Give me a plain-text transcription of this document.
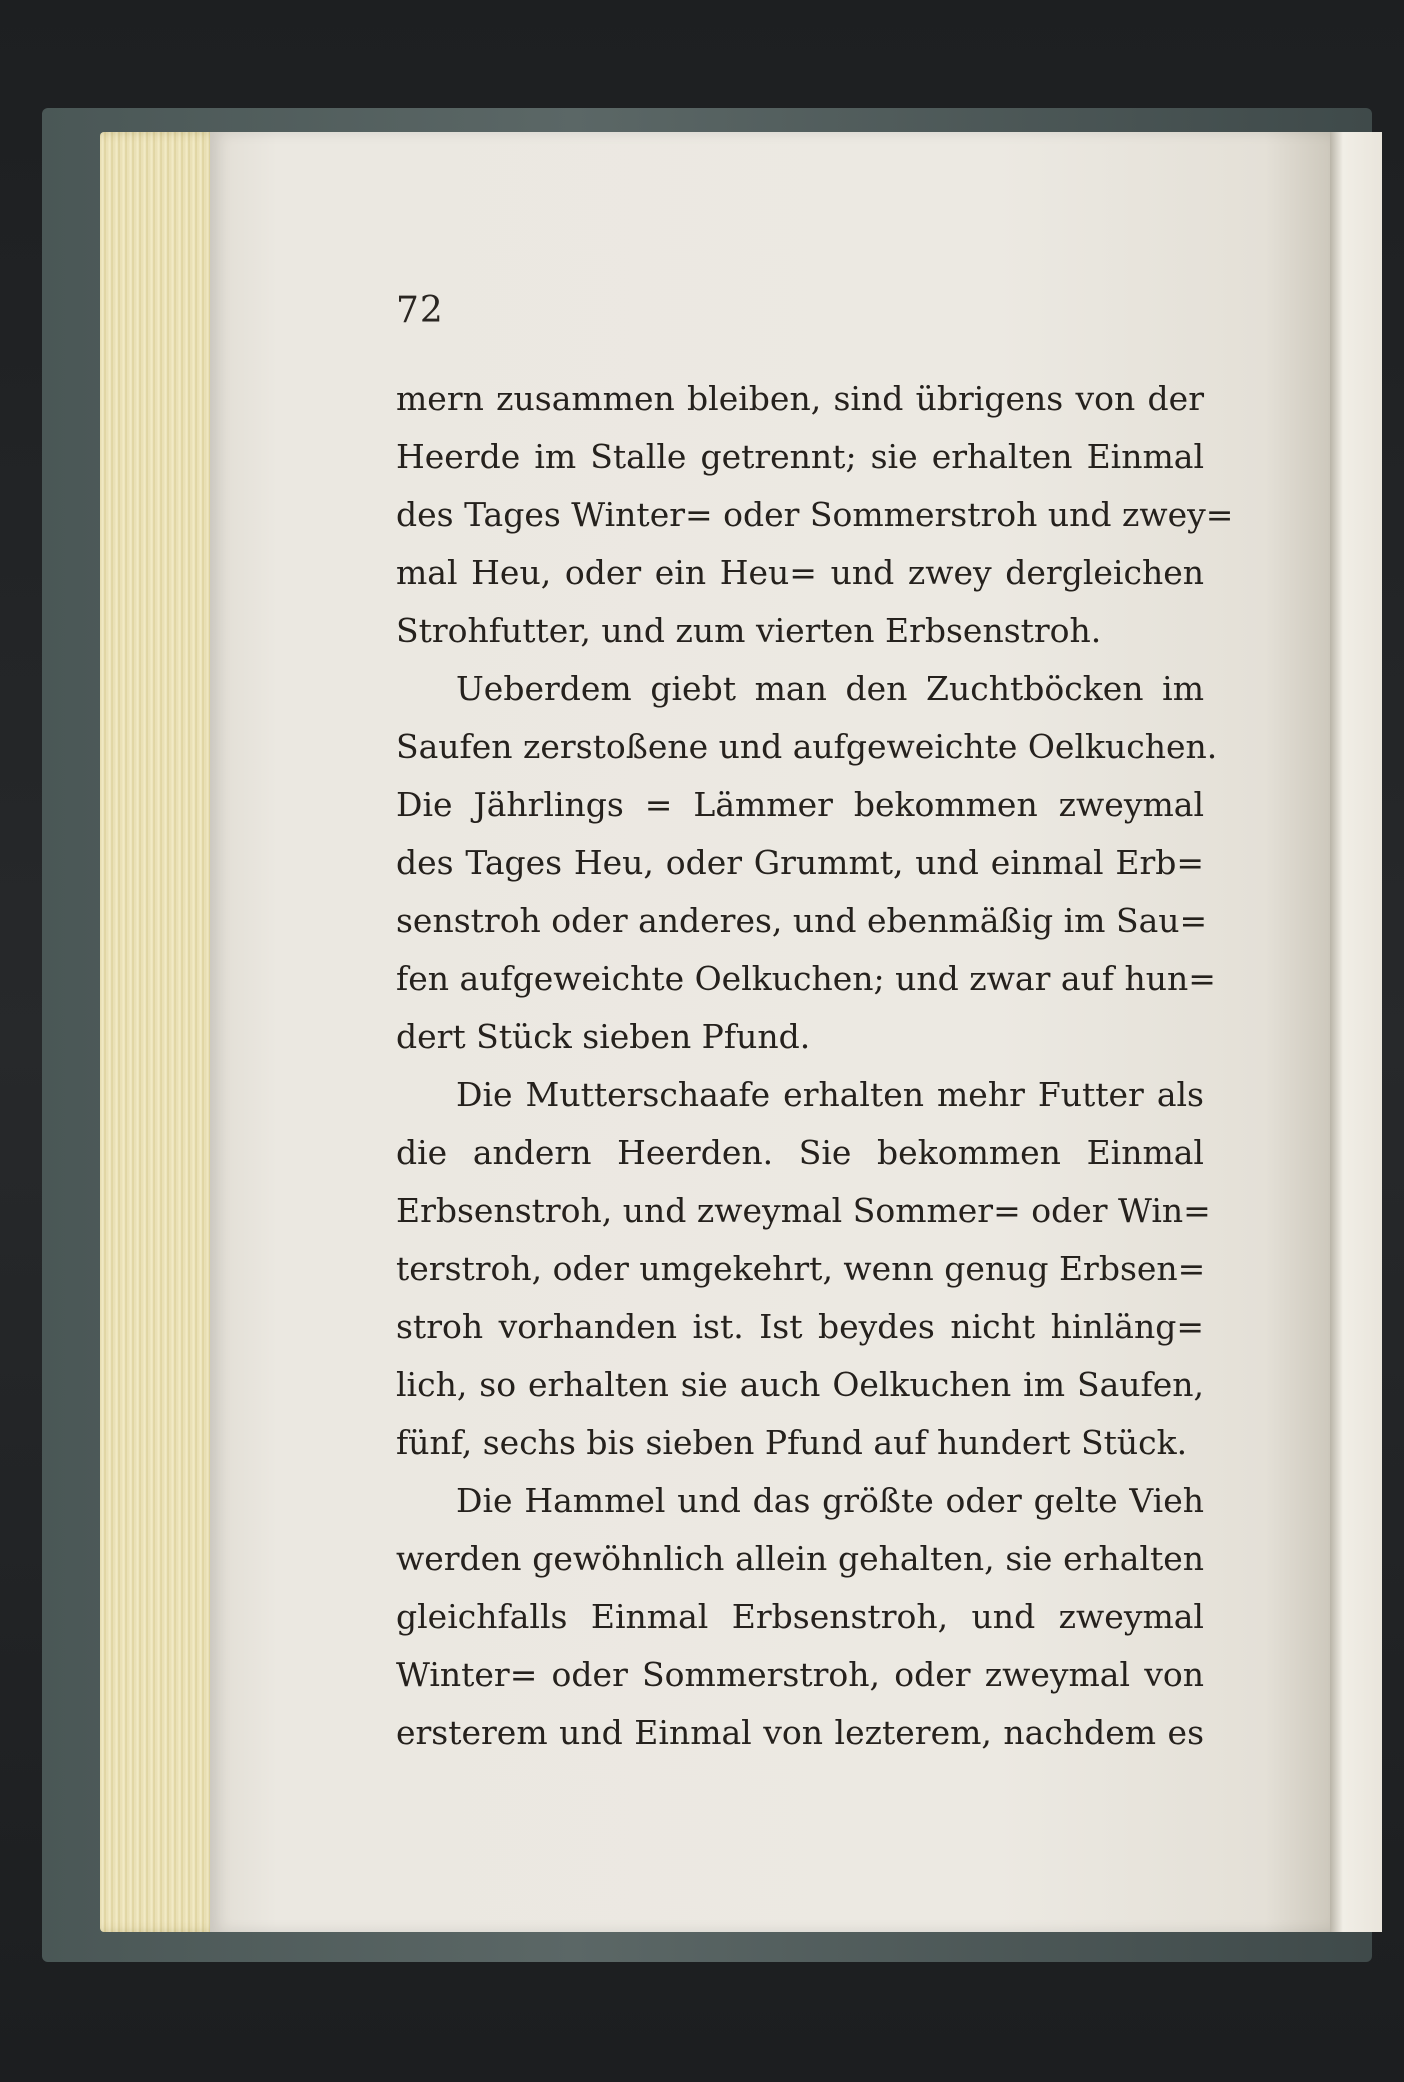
72
mern zusammen bleiben, sind übrigens von der
Heerde im Stalle getrennt; sie erhalten Einmal
des Tages Winter= oder Sommerstroh und zwey=
mal Heu, oder ein Heu= und zwey dergleichen
Strohfutter, und zum vierten Erbsenstroh.
Ueberdem giebt man den Zuchtböcken im
Saufen zerstoßene und aufgeweichte Oelkuchen.
Die Jährlings = Lämmer bekommen zweymal
des Tages Heu, oder Grummt, und einmal Erb=
senstroh oder anderes, und ebenmäßig im Sau=
fen aufgeweichte Oelkuchen; und zwar auf hun=
dert Stück sieben Pfund.
Die Mutterschaafe erhalten mehr Futter als
die andern Heerden. Sie bekommen Einmal
Erbsenstroh, und zweymal Sommer= oder Win=
terstroh, oder umgekehrt, wenn genug Erbsen=
stroh vorhanden ist. Ist beydes nicht hinläng=
lich, so erhalten sie auch Oelkuchen im Saufen,
fünf, sechs bis sieben Pfund auf hundert Stück.
Die Hammel und das größte oder gelte Vieh
werden gewöhnlich allein gehalten, sie erhalten
gleichfalls Einmal Erbsenstroh, und zweymal
Winter= oder Sommerstroh, oder zweymal von
ersterem und Einmal von lezterem, nachdem es
